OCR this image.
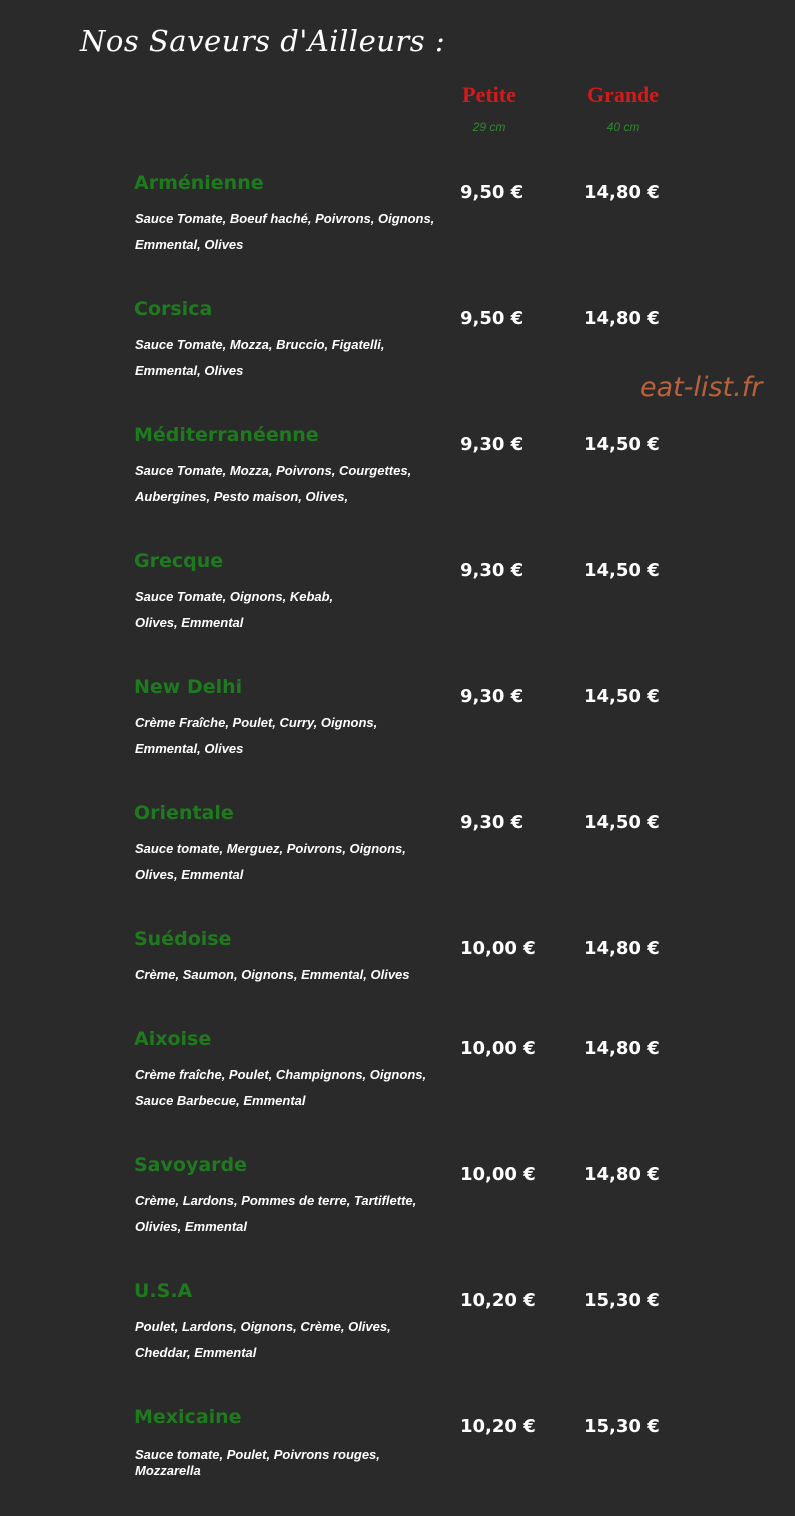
Nos Saveurs d'Ailleurs :
Petite	Grande
29 cm	40 cm
eat-list.fr
Arménienne
Sauce Tomate, Boeuf haché, Poivrons, Oignons, Emmental, Olives
9,50 €	14,80 €
Corsica
Sauce Tomate, Mozza, Bruccio, Figatelli, Emmental, Olives
9,50 €	14,80 €
Méditerranéenne
Sauce Tomate, Mozza, Poivrons, Courgettes, Aubergines, Pesto maison, Olives,
9,30 €	14,50 €
Grecque
Sauce Tomate, Oignons, Kebab, Olives, Emmental
9,30 €	14,50 €
New Delhi
Crème Fraîche, Poulet, Curry, Oignons, Emmental, Olives
9,30 €	14,50 €
Orientale
Sauce tomate, Merguez, Poivrons, Oignons, Olives, Emmental
9,30 €	14,50 €
Suédoise
Crème, Saumon, Oignons, Emmental, Olives
10,00 €	14,80 €
Aixoise
Crème fraîche, Poulet, Champignons, Oignons, Sauce Barbecue, Emmental
10,00 €	14,80 €
Savoyarde
Crème, Lardons, Pommes de terre, Tartiflette, Olivies, Emmental
10,00 €	14,80 €
U.S.A
Poulet, Lardons, Oignons, Crème, Olives, Cheddar, Emmental
10,20 €	15,30 €
Mexicaine
Sauce tomate, Poulet, Poivrons rouges, Mozzarella
10,20 €	15,30 €
